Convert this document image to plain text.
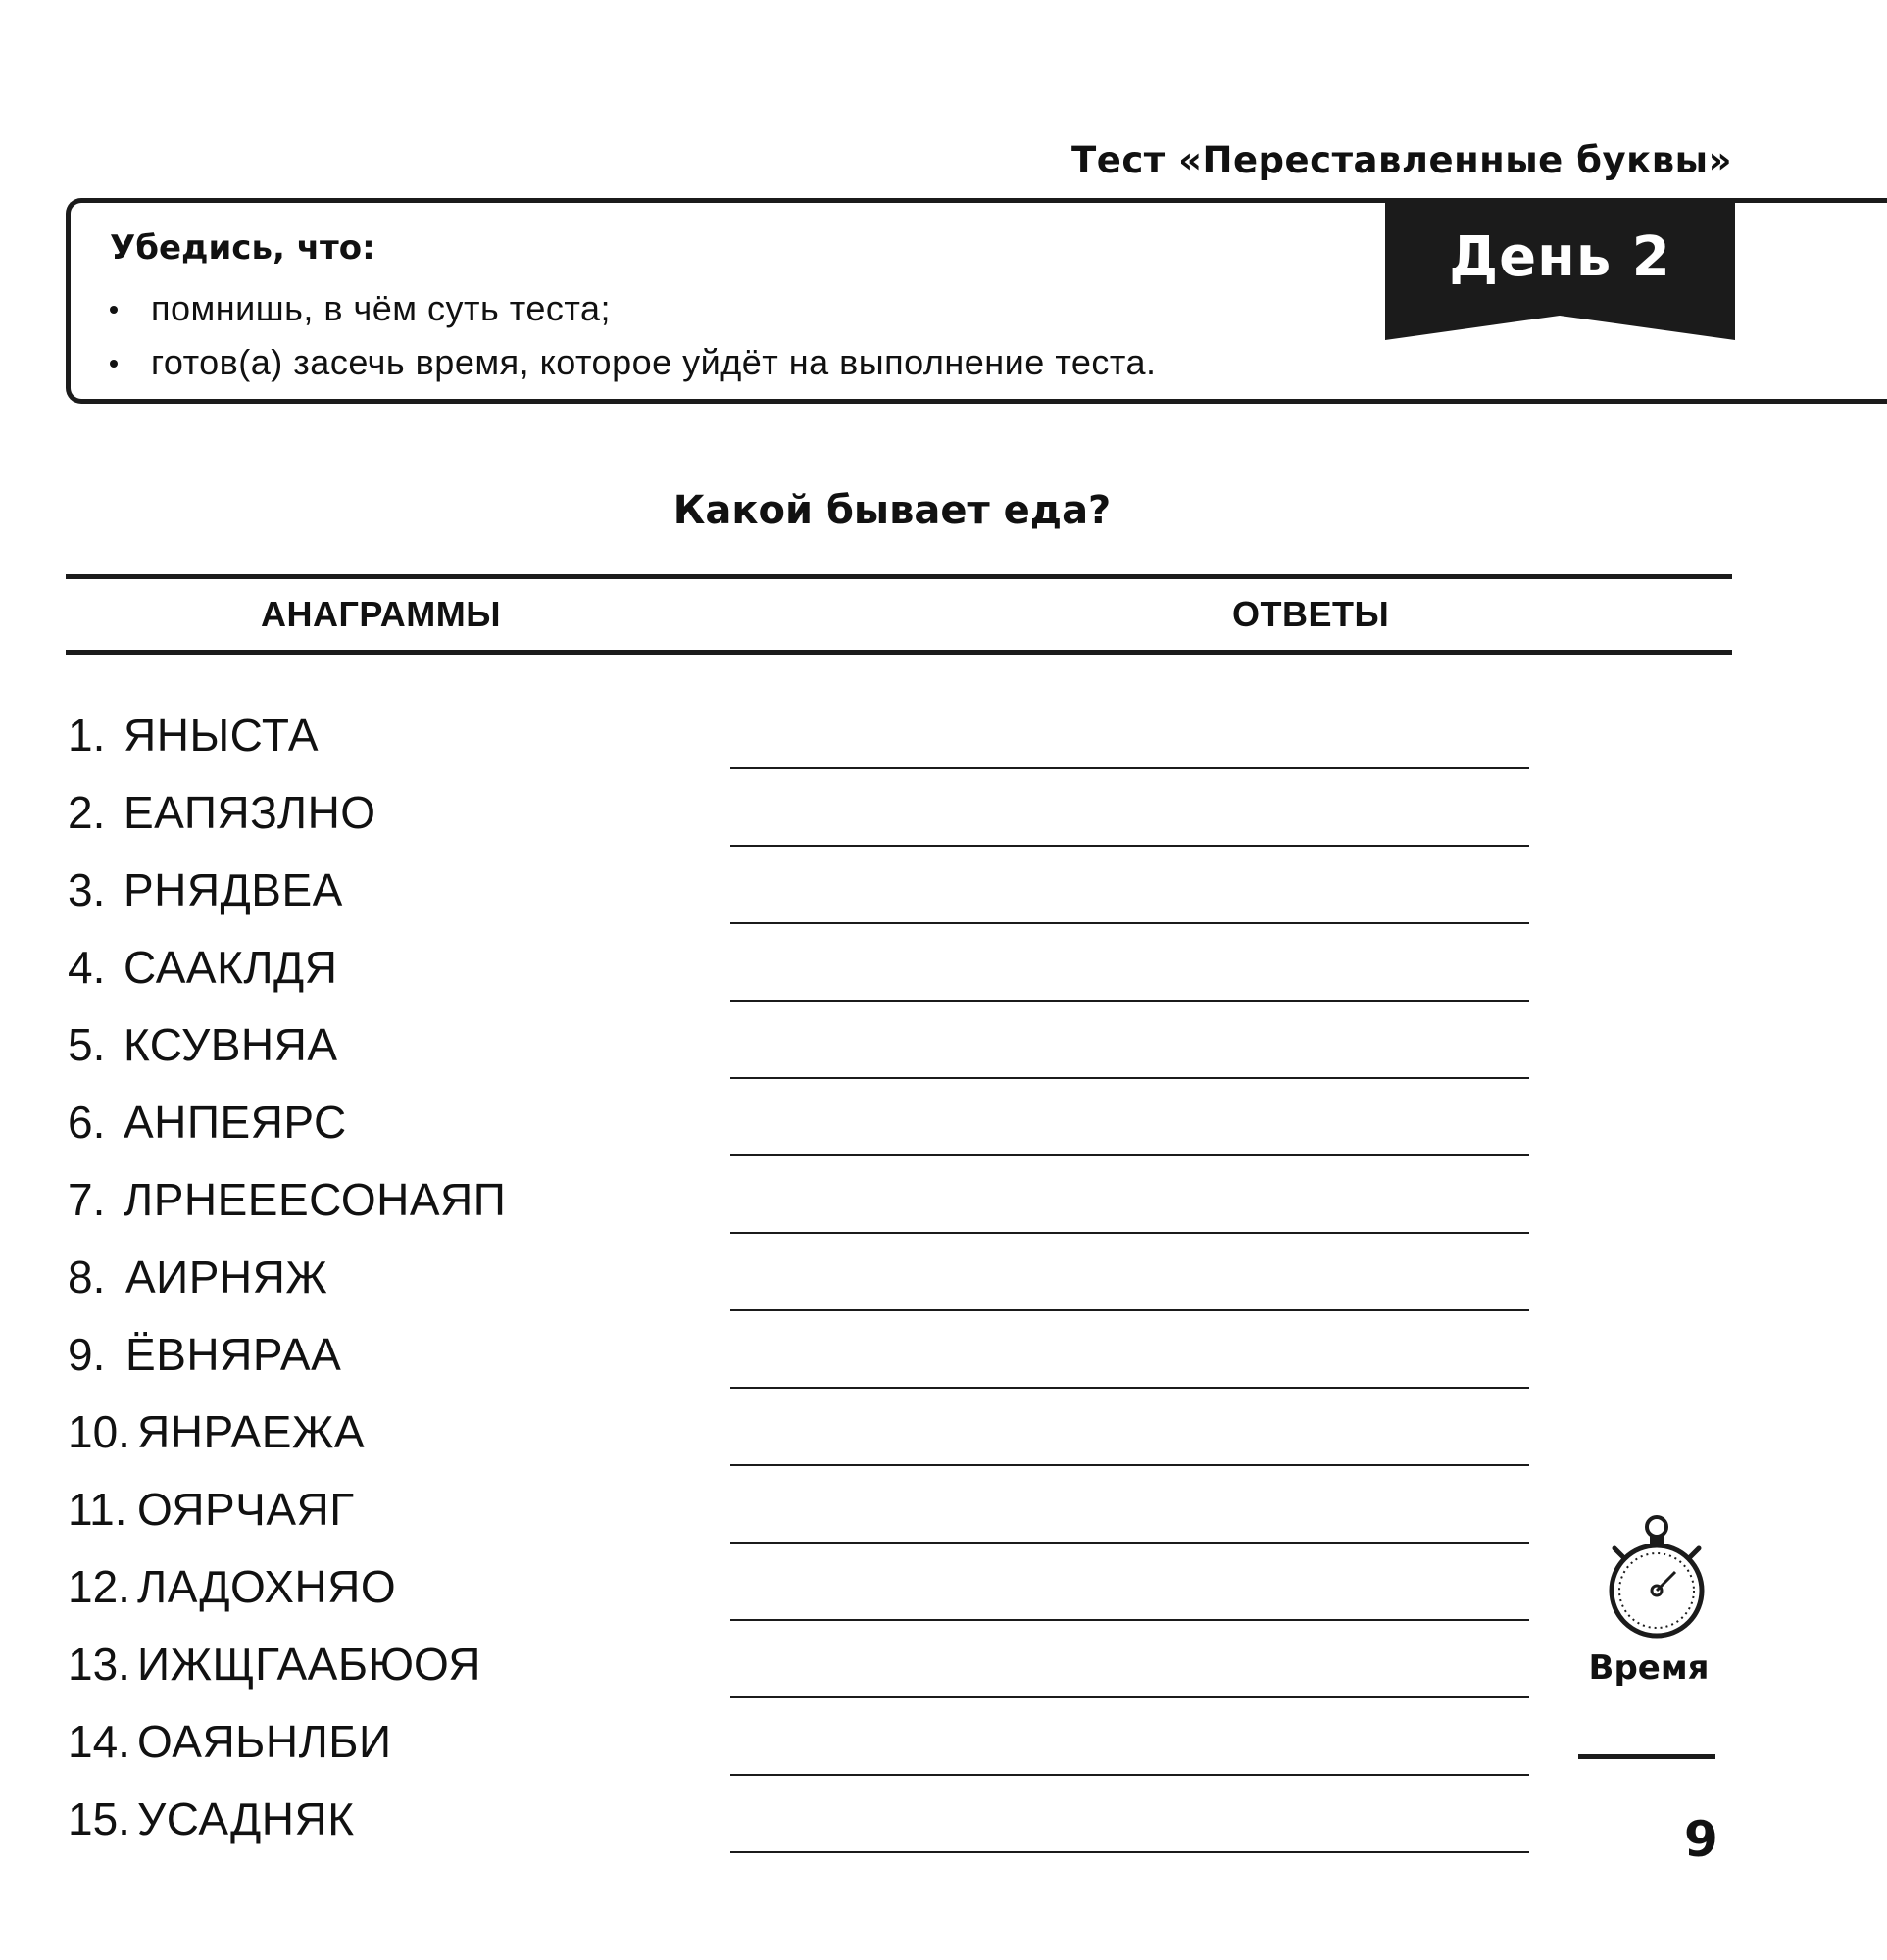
Тест «Переставленные буквы»
Убедись, что:
помнишь, в чём суть теста;
готов(а) засечь время, которое уйдёт на выполнение теста.
День 2
Какой бывает еда?
АНАГРАММЫ	ОТВЕТЫ
1. ЯНЫСТА
2. ЕАПЯЗЛНО
3. РНЯДВЕА
4. СААКЛДЯ
5. КСУВНЯА
6. АНПЕЯРС
7. ЛРНЕЕЕСОНАЯП
8. АИРНЯЖ
9. ЁВНЯРАА
10. ЯНРАЕЖА
11. ОЯРЧАЯГ
12. ЛАДОХНЯО
13. ИЖЩГААБЮОЯ
14. ОАЯЬНЛБИ
15. УСАДНЯК
Время
9
